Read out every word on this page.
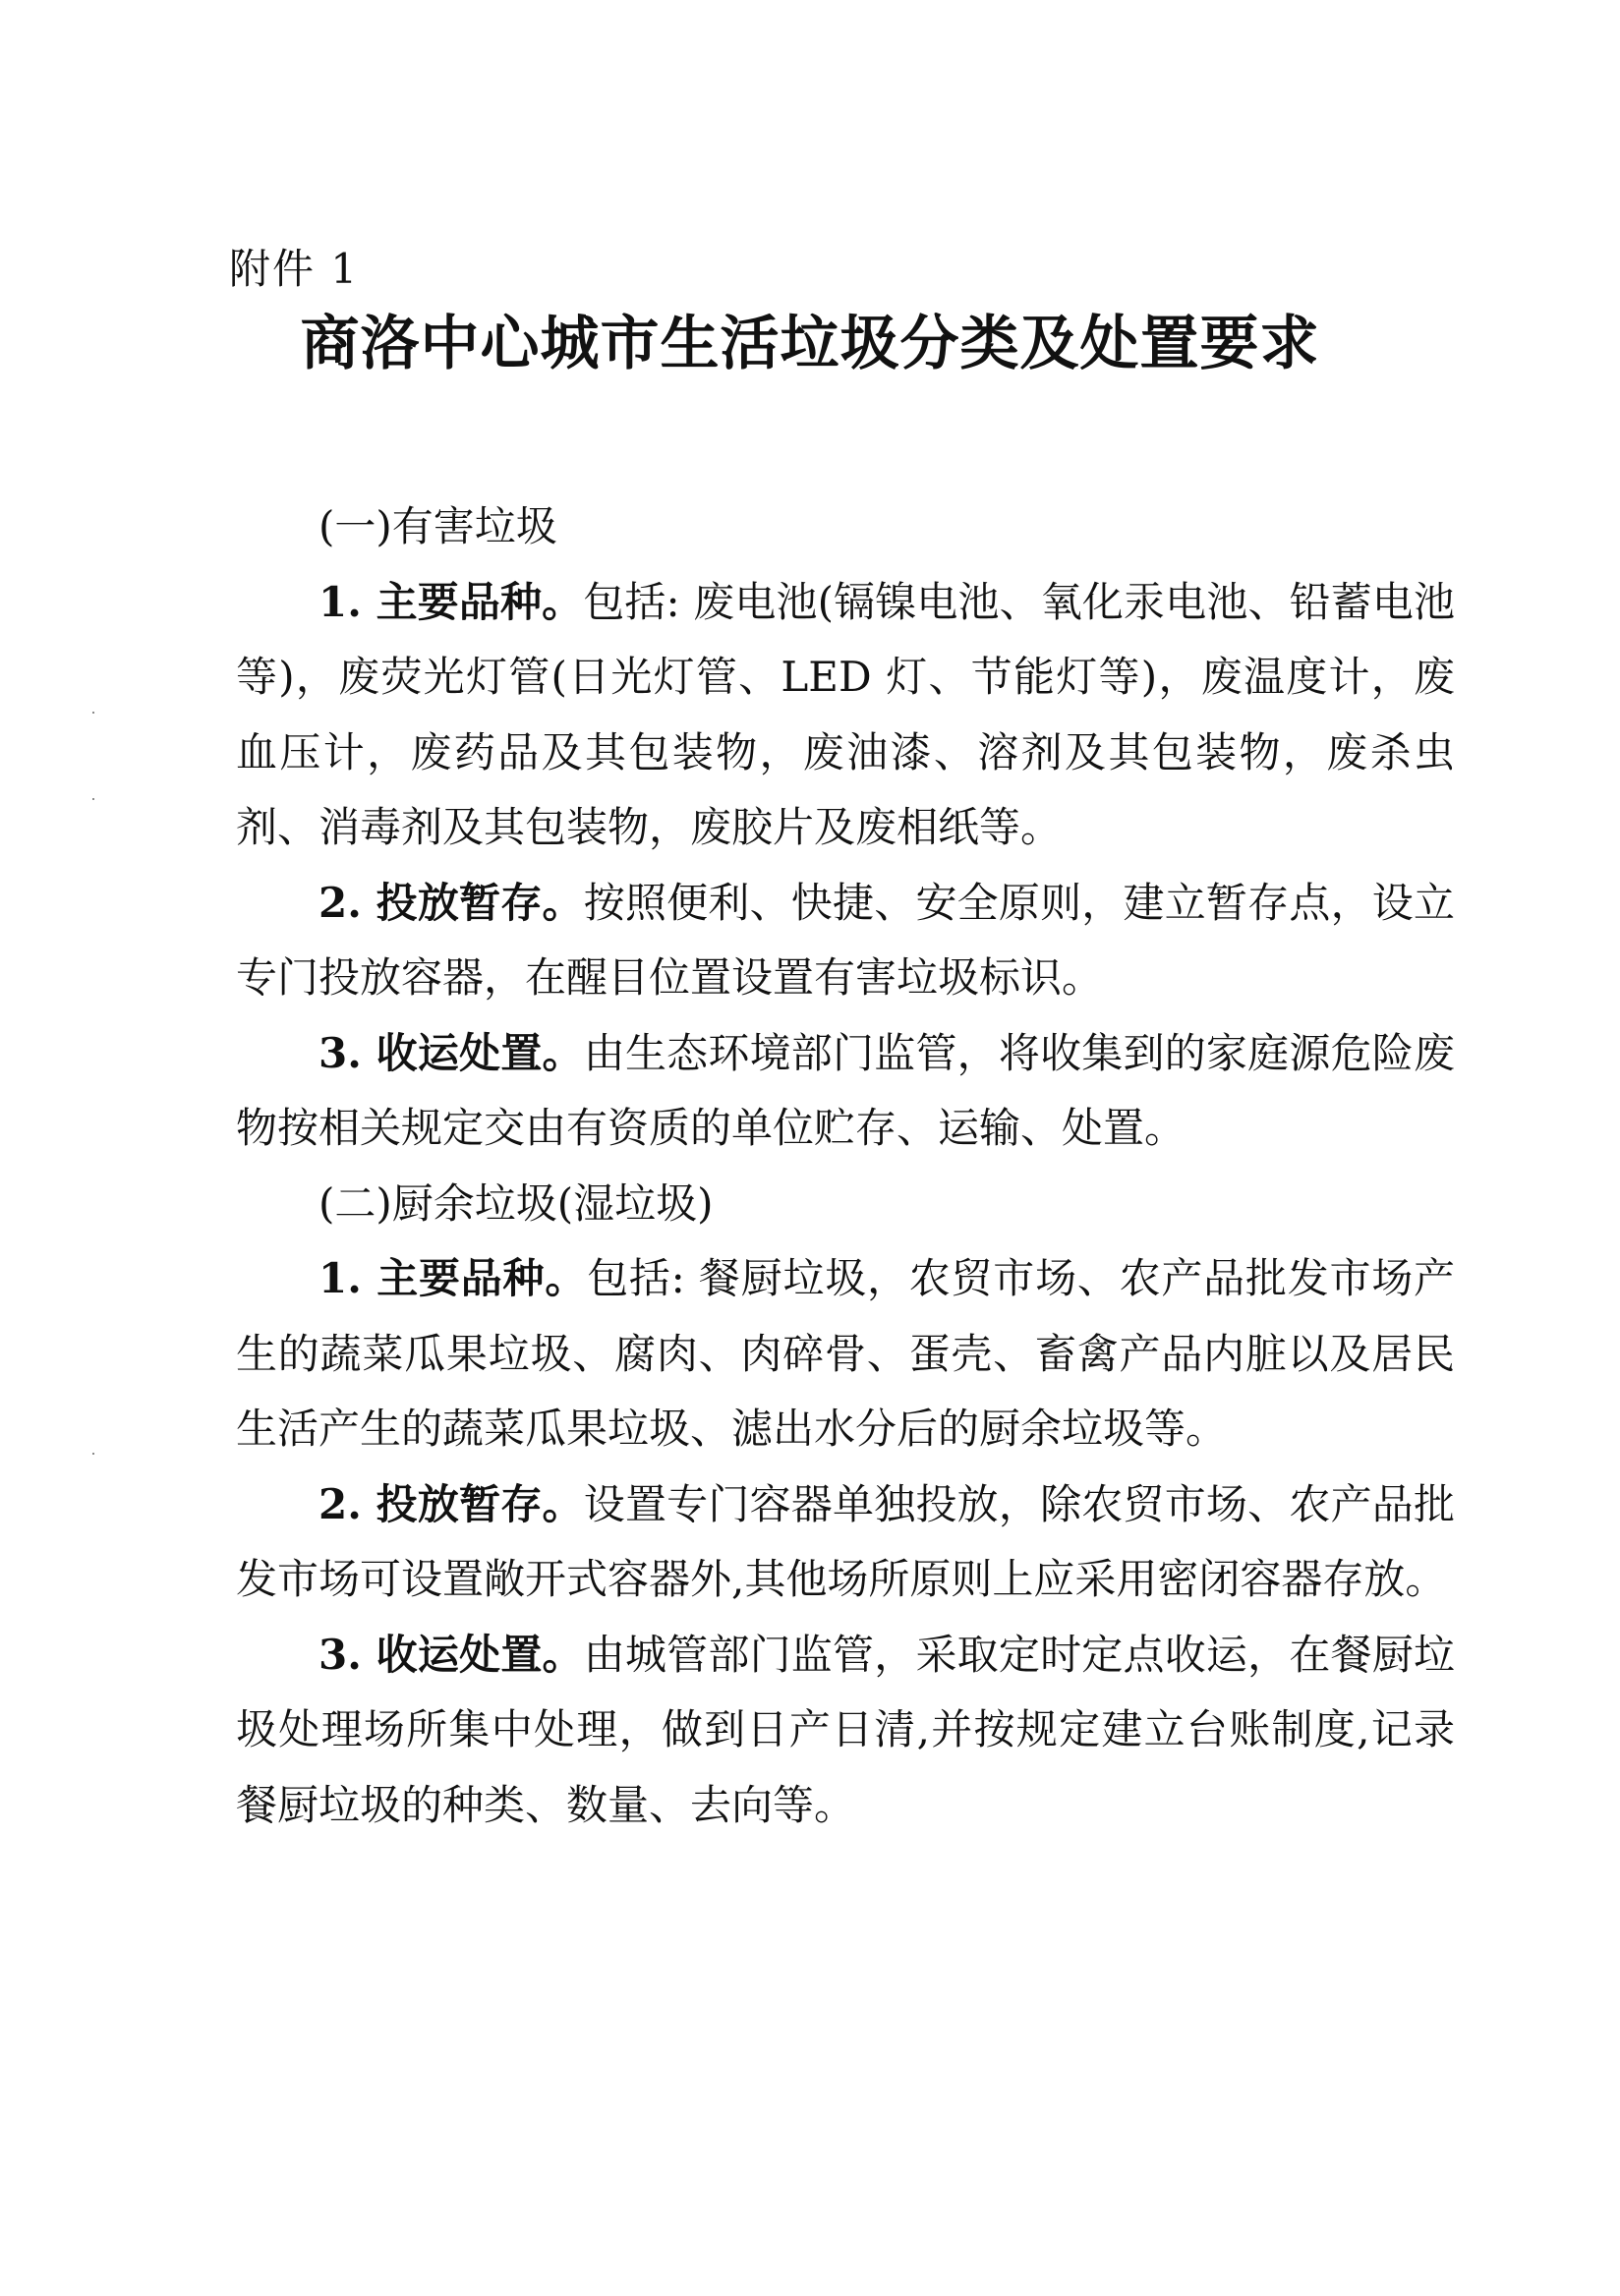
附件 1
商洛中心城市生活垃圾分类及处置要求

(一)有害垃圾

1. 主要品种。包括: 废电池(镉镍电池、氧化汞电池、铅蓄电池等)，废荧光灯管(日光灯管、LED 灯、节能灯等)，废温度计，废血压计，废药品及其包装物，废油漆、溶剂及其包装物，废杀虫剂、消毒剂及其包装物，废胶片及废相纸等。

2. 投放暂存。按照便利、快捷、安全原则，建立暂存点，设立专门投放容器，在醒目位置设置有害垃圾标识。

3. 收运处置。由生态环境部门监管，将收集到的家庭源危险废物按相关规定交由有资质的单位贮存、运输、处置。

(二)厨余垃圾(湿垃圾)

1. 主要品种。包括: 餐厨垃圾，农贸市场、农产品批发市场产生的蔬菜瓜果垃圾、腐肉、肉碎骨、蛋壳、畜禽产品内脏以及居民生活产生的蔬菜瓜果垃圾、滤出水分后的厨余垃圾等。

2. 投放暂存。设置专门容器单独投放，除农贸市场、农产品批发市场可设置敞开式容器外,其他场所原则上应采用密闭容器存放。

3. 收运处置。由城管部门监管，采取定时定点收运，在餐厨垃圾处理场所集中处理，做到日产日清,并按规定建立台账制度,记录餐厨垃圾的种类、数量、去向等。
